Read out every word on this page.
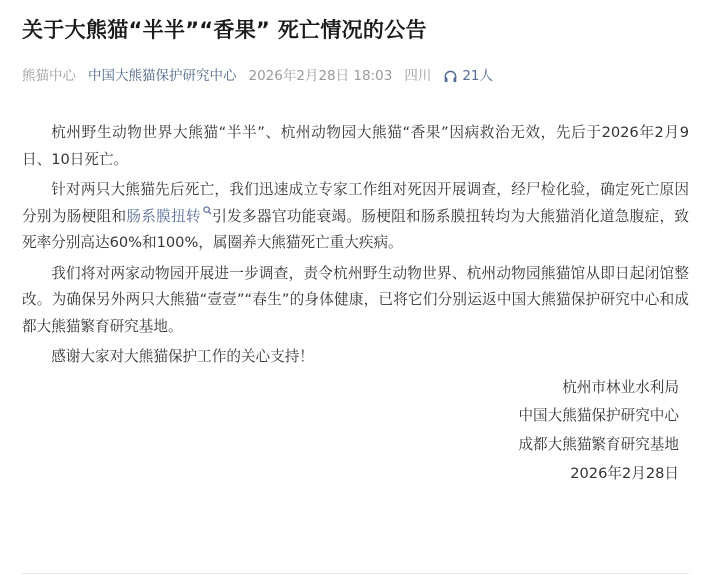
关于大熊猫“半半”“香果” 死亡情况的公告
熊猫中心 中国大熊猫保护研究中心 2026年2月28日 18:03 四川 21人

杭州野生动物世界大熊猫“半半”、杭州动物园大熊猫“香果”因病救治无效，先后于2026年2月9日、10日死亡。

针对两只大熊猫先后死亡，我们迅速成立专家工作组对死因开展调查，经尸检化验，确定死亡原因分别为肠梗阻和肠系膜扭转 引发多器官功能衰竭。肠梗阻和肠系膜扭转均为大熊猫消化道急腹症，致死率分别高达60%和100%，属圈养大熊猫死亡重大疾病。

我们将对两家动物园开展进一步调查，责令杭州野生动物世界、杭州动物园熊猫馆从即日起闭馆整改。为确保另外两只大熊猫“壹壹”“春生”的身体健康，已将它们分别运返中国大熊猫保护研究中心和成都大熊猫繁育研究基地。

感谢大家对大熊猫保护工作的关心支持！

杭州市林业水利局
中国大熊猫保护研究中心
成都大熊猫繁育研究基地
2026年2月28日
